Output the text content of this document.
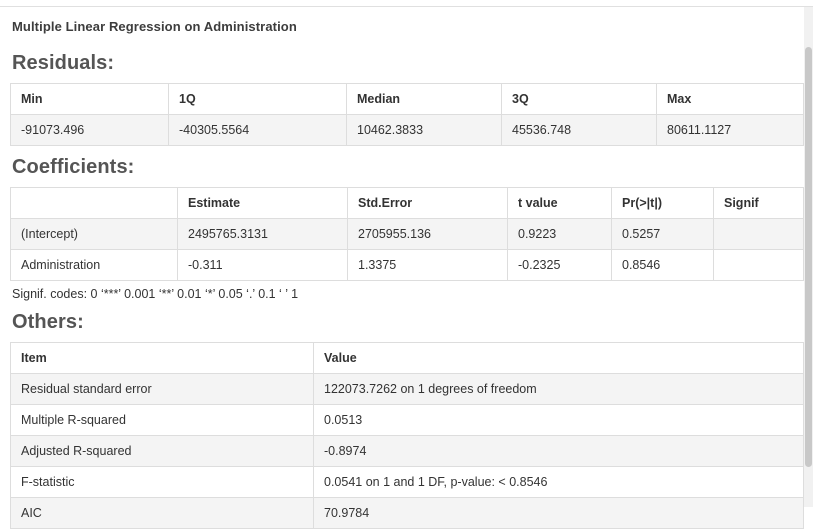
Multiple Linear Regression on Administration
Residuals:
Min	1Q	Median	3Q	Max
-91073.496	-40305.5564	10462.3833	45536.748	80611.1127
Coefficients:
	Estimate	Std.Error	t value	Pr(>|t|)	Signif
(Intercept)	2495765.3131	2705955.136	0.9223	0.5257	
Administration	-0.311	1.3375	-0.2325	0.8546	
Signif. codes: 0 ‘***’ 0.001 ‘**’ 0.01 ‘*’ 0.05 ‘.’ 0.1 ‘ ’ 1
Others:
Item	Value
Residual standard error	122073.7262 on 1 degrees of freedom
Multiple R-squared	0.0513
Adjusted R-squared	-0.8974
F-statistic	0.0541 on 1 and 1 DF, p-value: < 0.8546
AIC	70.9784
